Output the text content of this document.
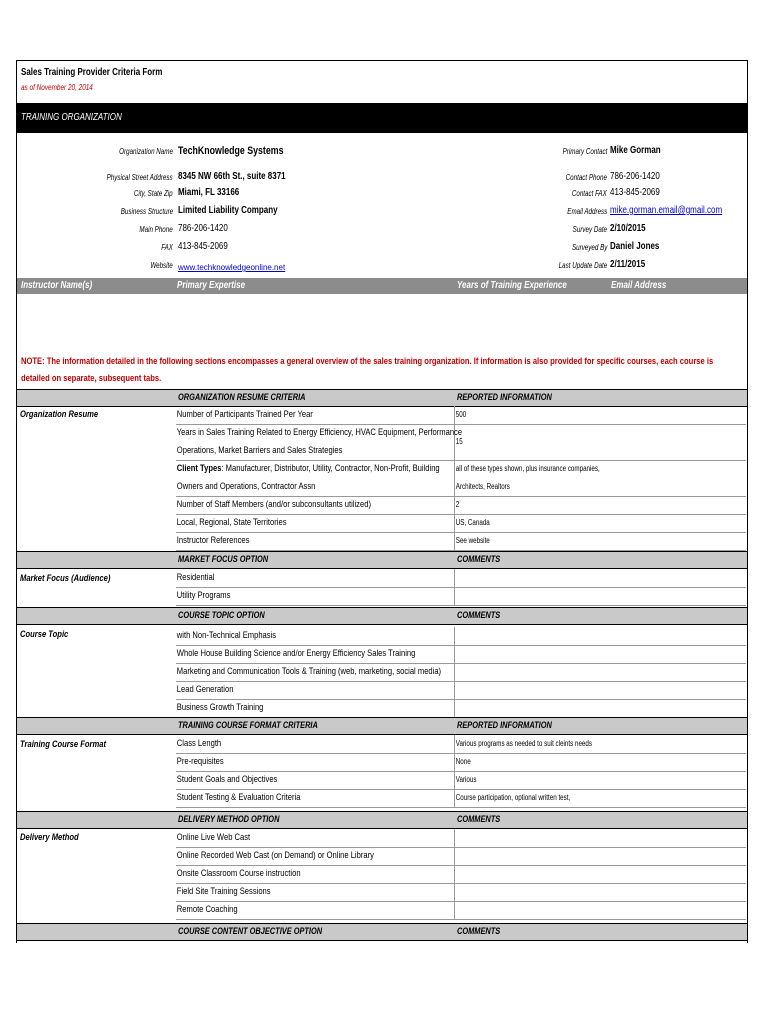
Sales Training Provider Criteria Form
as of November 20, 2014
TRAINING ORGANIZATION
Instructor Name(s)	Primary Expertise	Years of Training Experience	Email Address
NOTE: The information detailed in the following sections encompasses a general overview of the sales training organization. If information is also provided for specific courses, each course is detailed on separate, subsequent tabs.
ORGANIZATION RESUME CRITERIA	REPORTED INFORMATION
Organization Resume	Number of Participants Trained Per Year	500
Years in Sales Training Related to Energy Efficiency, HVAC Equipment, Performance
Operations, Market Barriers and Sales Strategies
15
Client Types: Manufacturer, Distributor, Utility, Contractor, Non-Profit, Building
Owners and Operations, Contractor Assn
all of these types shown, plus insurance companies,
Architects, Realtors
Number of Staff Members (and/or subconsultants utilized)	2
Local, Regional, State Territories	US, Canada
Instructor References	See website
MARKET FOCUS OPTION	COMMENTS
Market Focus (Audience)	Residential
Utility Programs
COURSE TOPIC OPTION	COMMENTS
Course Topic	with Non-Technical Emphasis
Whole House Building Science and/or Energy Efficiency Sales Training
Marketing and Communication Tools & Training (web, marketing, social media)
Lead Generation
Business Growth Training
TRAINING COURSE FORMAT CRITERIA	REPORTED INFORMATION
Training Course Format	Class Length	Various programs as needed to suit cleints needs
Pre-requisites	None
Student Goals and Objectives	Various
Student Testing & Evaluation Criteria	Course participation, optional written test,
DELIVERY METHOD OPTION	COMMENTS
Delivery Method	Online Live Web Cast
Online Recorded Web Cast (on Demand) or Online Library
Onsite Classroom Course instruction
Field Site Training Sessions
Remote Coaching
COURSE CONTENT OBJECTIVE OPTION	COMMENTS
Organization Name TechKnowledge Systems
Physical Street Address 8345 NW 66th St., suite 8371
City, State Zip Miami, FL 33166
Business Structure Limited Liability Company
Main Phone 786-206-1420
FAX 413-845-2069
Website www.techknowledgeonline.net
Primary Contact Mike Gorman
Contact Phone 786-206-1420
Contact FAX 413-845-2069
Email Address mike.gorman.email@gmail.com
Survey Date 2/10/2015
Surveyed By Daniel Jones
Last Update Date 2/11/2015
